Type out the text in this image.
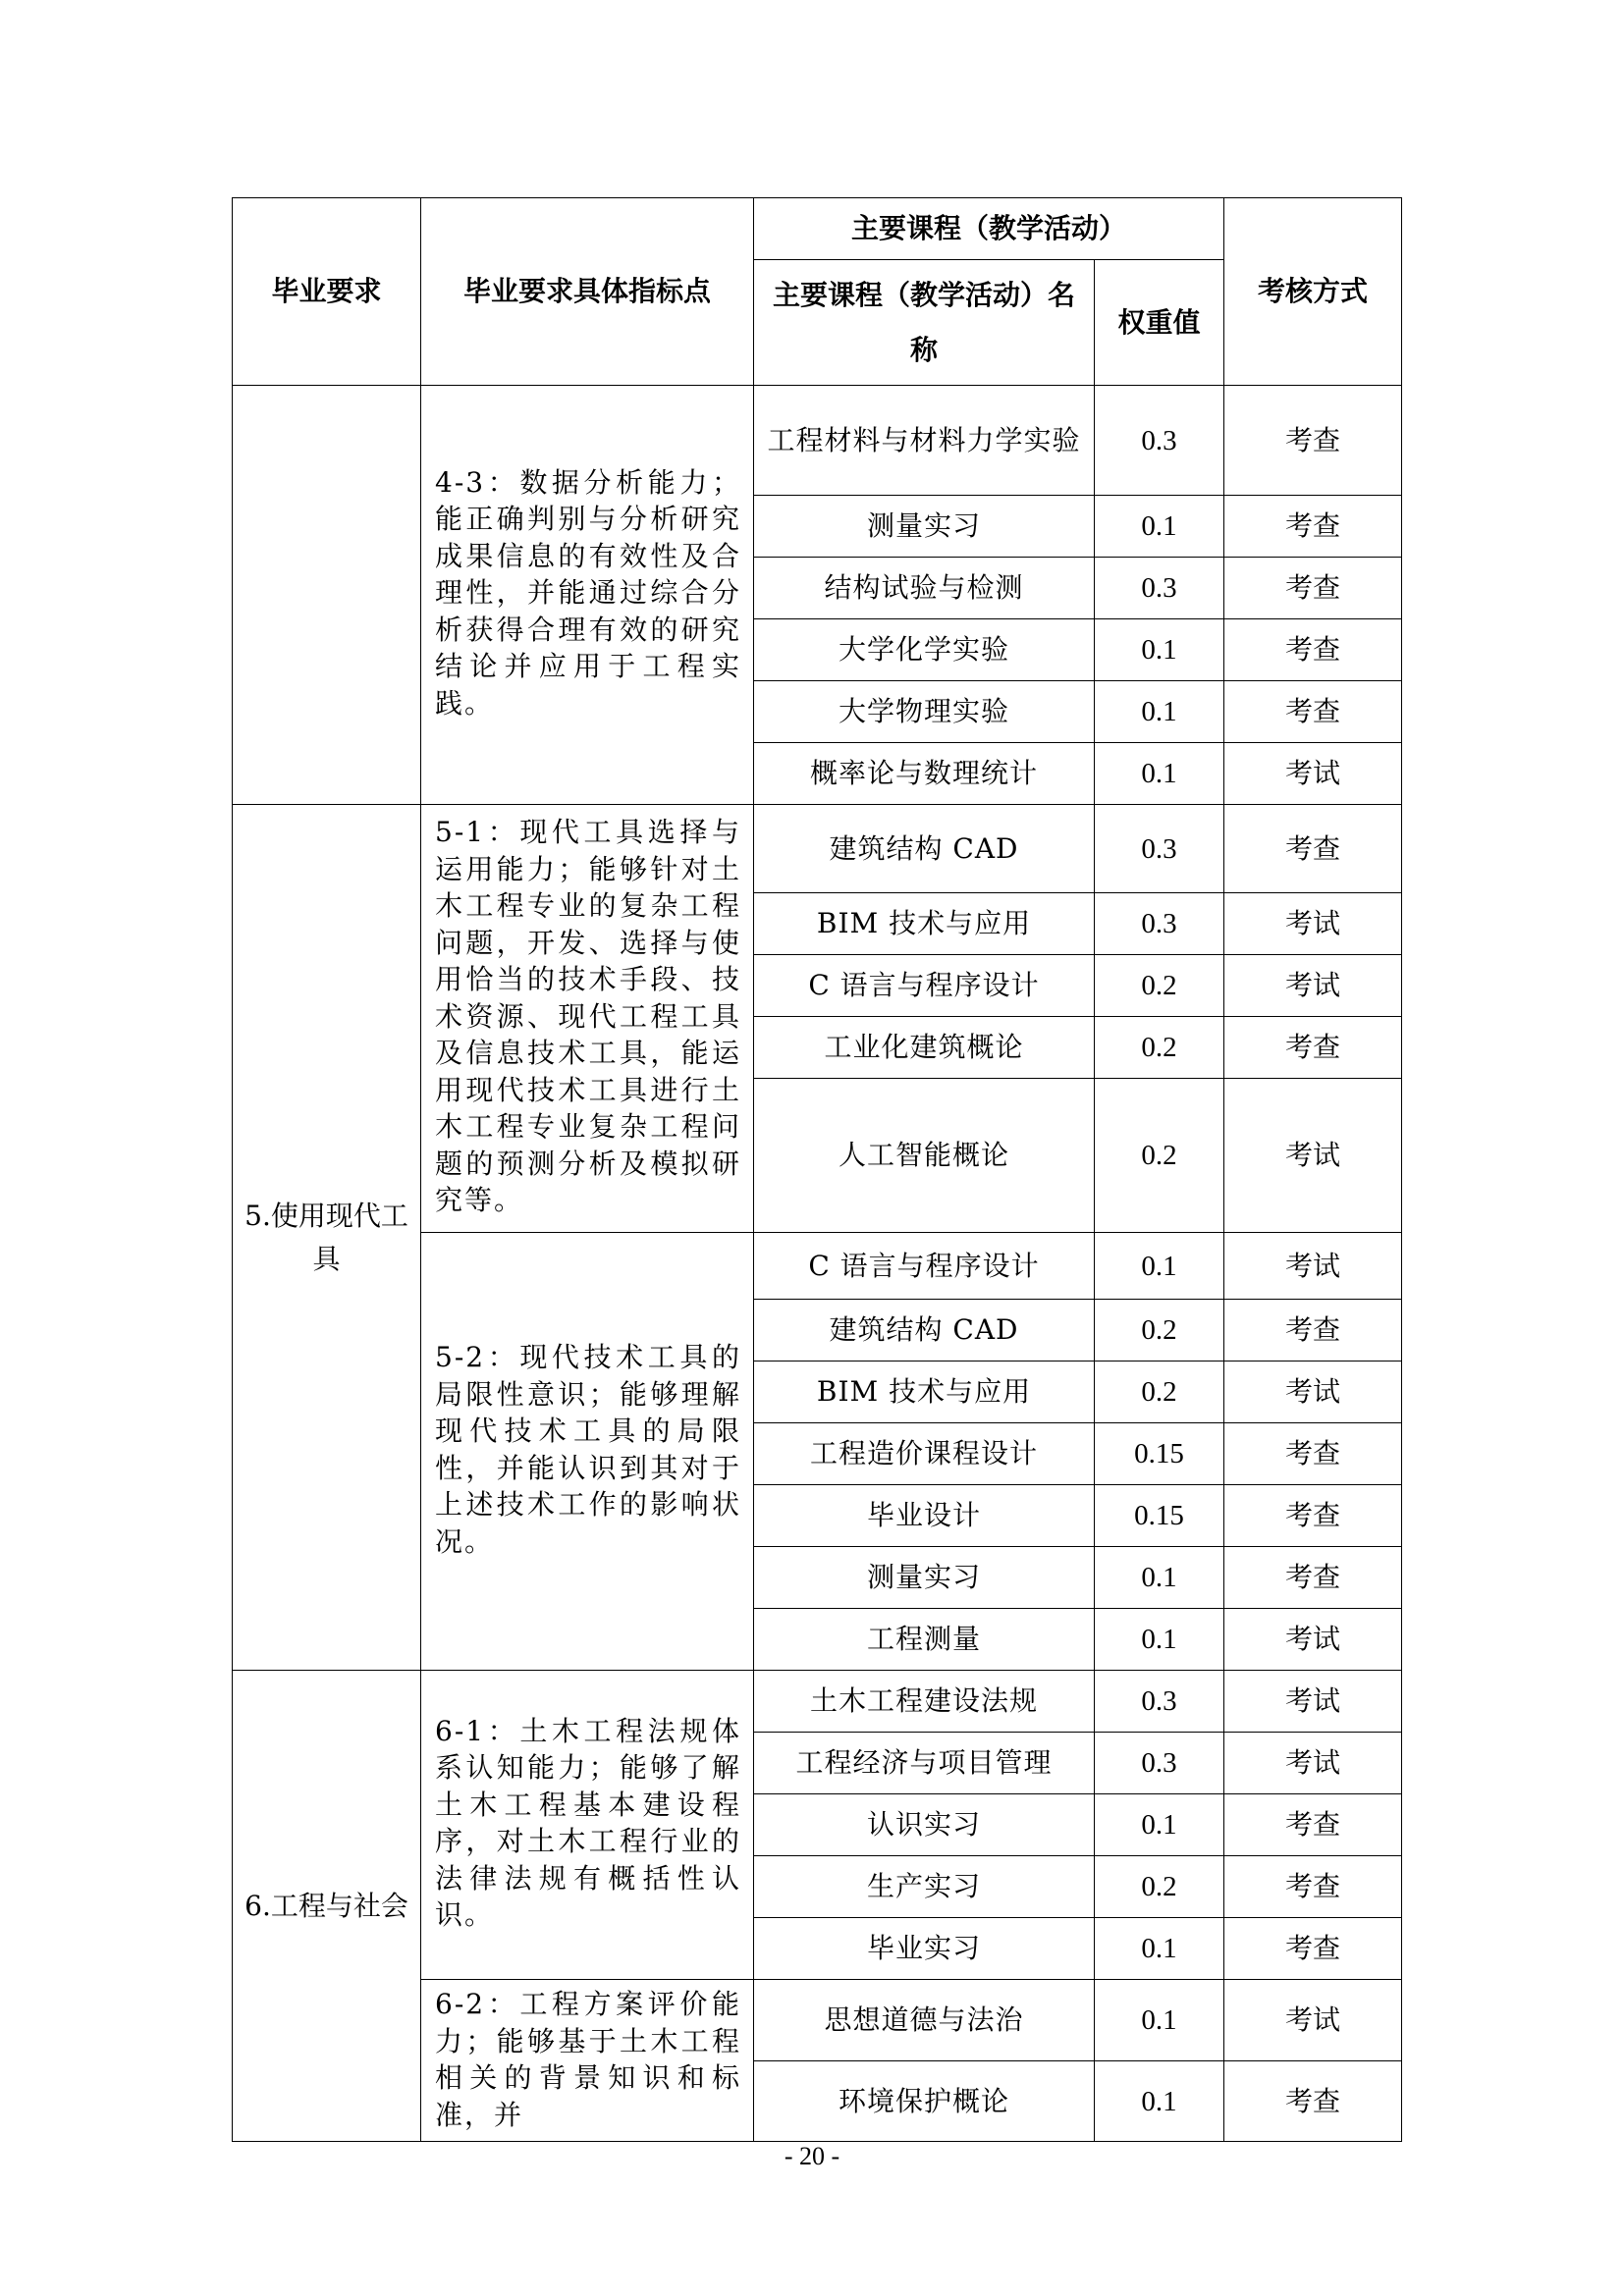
毕业要求	毕业要求具体指标点	主要课程（教学活动）		考核方式
		主要课程（教学活动）名称	权重值	
	4-3：数据分析能力；能正确判别与分析研究成果信息的有效性及合理性，并能通过综合分析获得合理有效的研究结论并应用于工程实践。	工程材料与材料力学实验	0.3	考查
		测量实习	0.1	考查
		结构试验与检测	0.3	考查
		大学化学实验	0.1	考查
		大学物理实验	0.1	考查
		概率论与数理统计	0.1	考试
5.使用现代工具	5-1：现代工具选择与运用能力；能够针对土木工程专业的复杂工程问题，开发、选择与使用恰当的技术手段、技术资源、现代工程工具及信息技术工具，能运用现代技术工具进行土木工程专业复杂工程问题的预测分析及模拟研究等。	建筑结构 CAD	0.3	考查
		BIM 技术与应用	0.3	考试
		C 语言与程序设计	0.2	考试
		工业化建筑概论	0.2	考查
		人工智能概论	0.2	考试
	5-2：现代技术工具的局限性意识；能够理解现代技术工具的局限性，并能认识到其对于上述技术工作的影响状况。	C 语言与程序设计	0.1	考试
		建筑结构 CAD	0.2	考查
		BIM 技术与应用	0.2	考试
		工程造价课程设计	0.15	考查
		毕业设计	0.15	考查
		测量实习	0.1	考查
		工程测量	0.1	考试
6.工程与社会	6-1：土木工程法规体系认知能力；能够了解土木工程基本建设程序，对土木工程行业的法律法规有概括性认识。	土木工程建设法规	0.3	考试
		工程经济与项目管理	0.3	考试
		认识实习	0.1	考查
		生产实习	0.2	考查
		毕业实习	0.1	考查
	6-2：工程方案评价能力；能够基于土木工程相关的背景知识和标准，并	思想道德与法治	0.1	考试
		环境保护概论	0.1	考查
- 20 -
